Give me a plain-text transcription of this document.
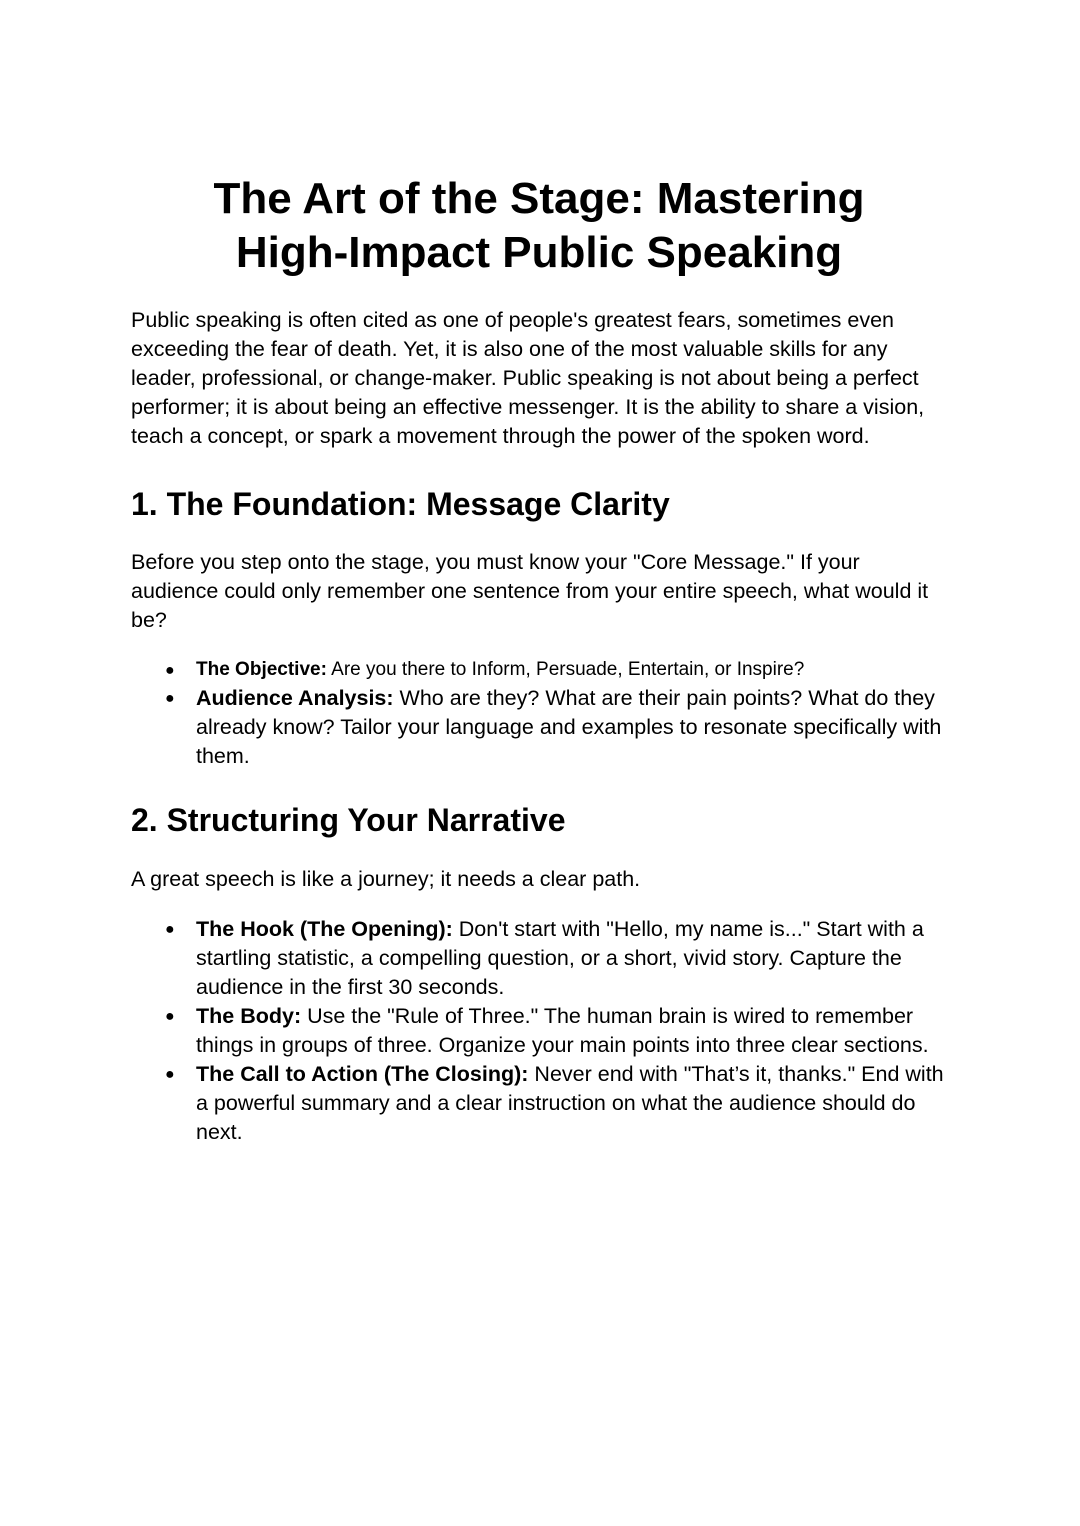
The Art of the Stage: Mastering
High-Impact Public Speaking

Public speaking is often cited as one of people's greatest fears, sometimes even exceeding the fear of death. Yet, it is also one of the most valuable skills for any leader, professional, or change-maker. Public speaking is not about being a perfect performer; it is about being an effective messenger. It is the ability to share a vision, teach a concept, or spark a movement through the power of the spoken word.

1. The Foundation: Message Clarity

Before you step onto the stage, you must know your "Core Message." If your audience could only remember one sentence from your entire speech, what would it be?

● The Objective: Are you there to Inform, Persuade, Entertain, or Inspire?
● Audience Analysis: Who are they? What are their pain points? What do they already know? Tailor your language and examples to resonate specifically with them.
2. Structuring Your Narrative

A great speech is like a journey; it needs a clear path.

● The Hook (The Opening): Don't start with "Hello, my name is..." Start with a startling statistic, a compelling question, or a short, vivid story. Capture the audience in the first 30 seconds.
● The Body: Use the "Rule of Three." The human brain is wired to remember things in groups of three. Organize your main points into three clear sections.
● The Call to Action (The Closing): Never end with "That’s it, thanks." End with a powerful summary and a clear instruction on what the audience should do next.
